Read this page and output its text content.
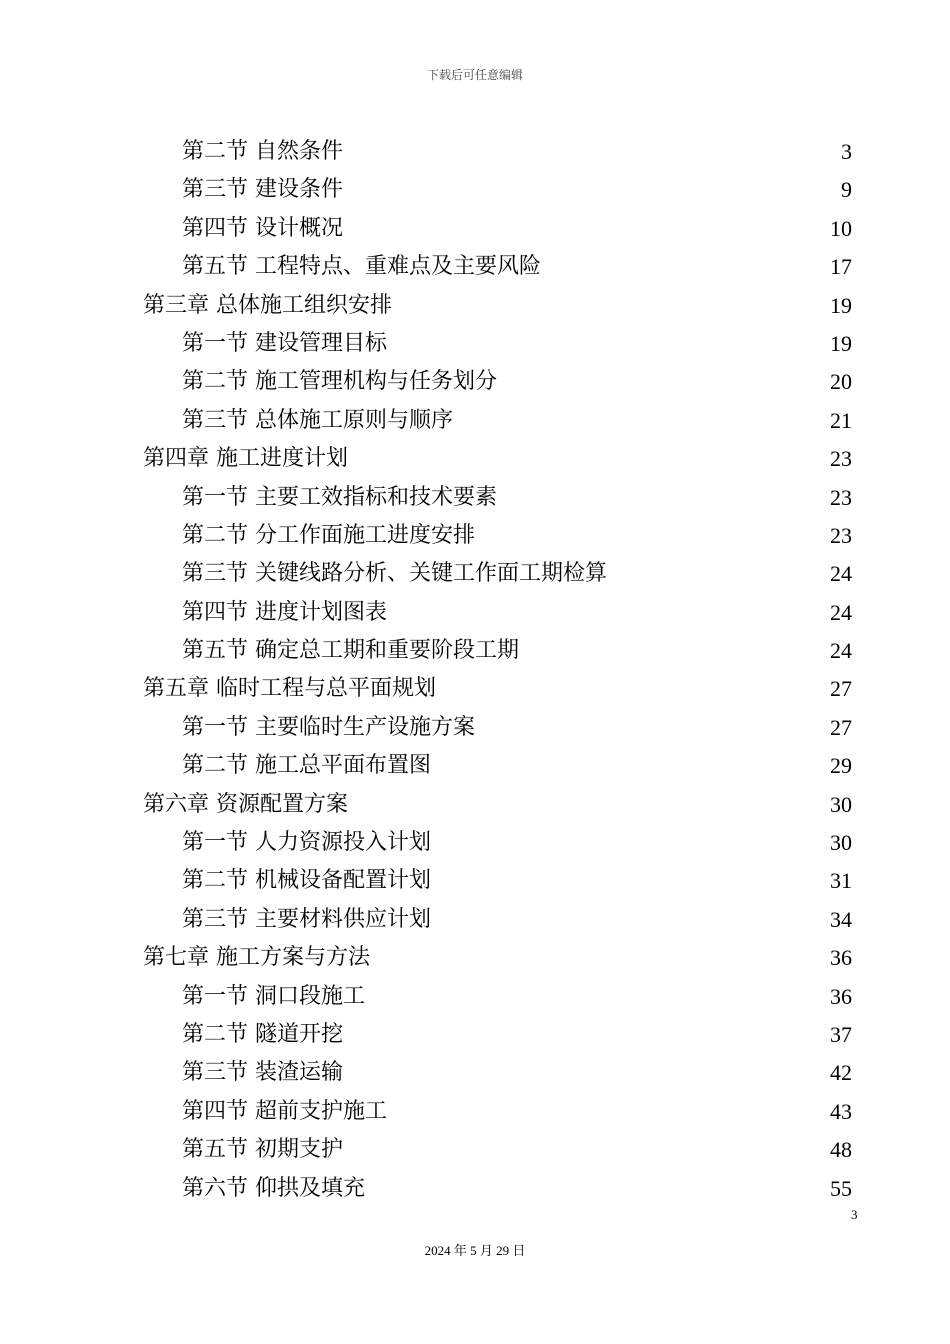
下载后可任意编辑
第二节 自然条件	3
第三节 建设条件	9
第四节 设计概况	10
第五节 工程特点、重难点及主要风险	17
第三章 总体施工组织安排	19
第一节 建设管理目标	19
第二节 施工管理机构与任务划分	20
第三节 总体施工原则与顺序	21
第四章 施工进度计划	23
第一节 主要工效指标和技术要素	23
第二节 分工作面施工进度安排	23
第三节 关键线路分析、关键工作面工期检算	24
第四节 进度计划图表	24
第五节 确定总工期和重要阶段工期	24
第五章 临时工程与总平面规划	27
第一节 主要临时生产设施方案	27
第二节 施工总平面布置图	29
第六章 资源配置方案	30
第一节 人力资源投入计划	30
第二节 机械设备配置计划	31
第三节 主要材料供应计划	34
第七章 施工方案与方法	36
第一节 洞口段施工	36
第二节 隧道开挖	37
第三节 装渣运输	42
第四节 超前支护施工	43
第五节 初期支护	48
第六节 仰拱及填充	55
3
2024 年 5 月 29 日
